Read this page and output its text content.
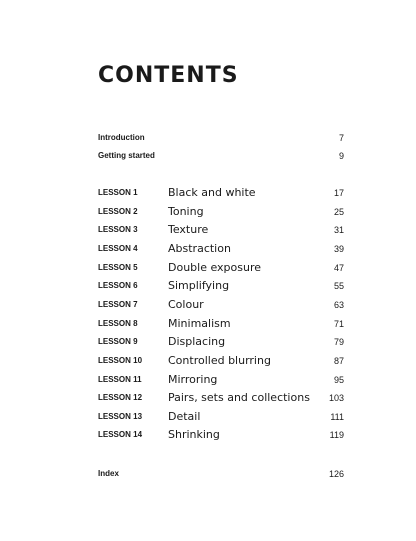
CONTENTS
Introduction	7
Getting started	9
LESSON 1	Black and white	17
LESSON 2	Toning	25
LESSON 3	Texture	31
LESSON 4	Abstraction	39
LESSON 5	Double exposure	47
LESSON 6	Simplifying	55
LESSON 7	Colour	63
LESSON 8	Minimalism	71
LESSON 9	Displacing	79
LESSON 10 Controlled blurring	87
LESSON 11 Mirroring	95
LESSON 12 Pairs, sets and collections 103
LESSON 13 Detail	111
LESSON 14 Shrinking	119
Index	126
